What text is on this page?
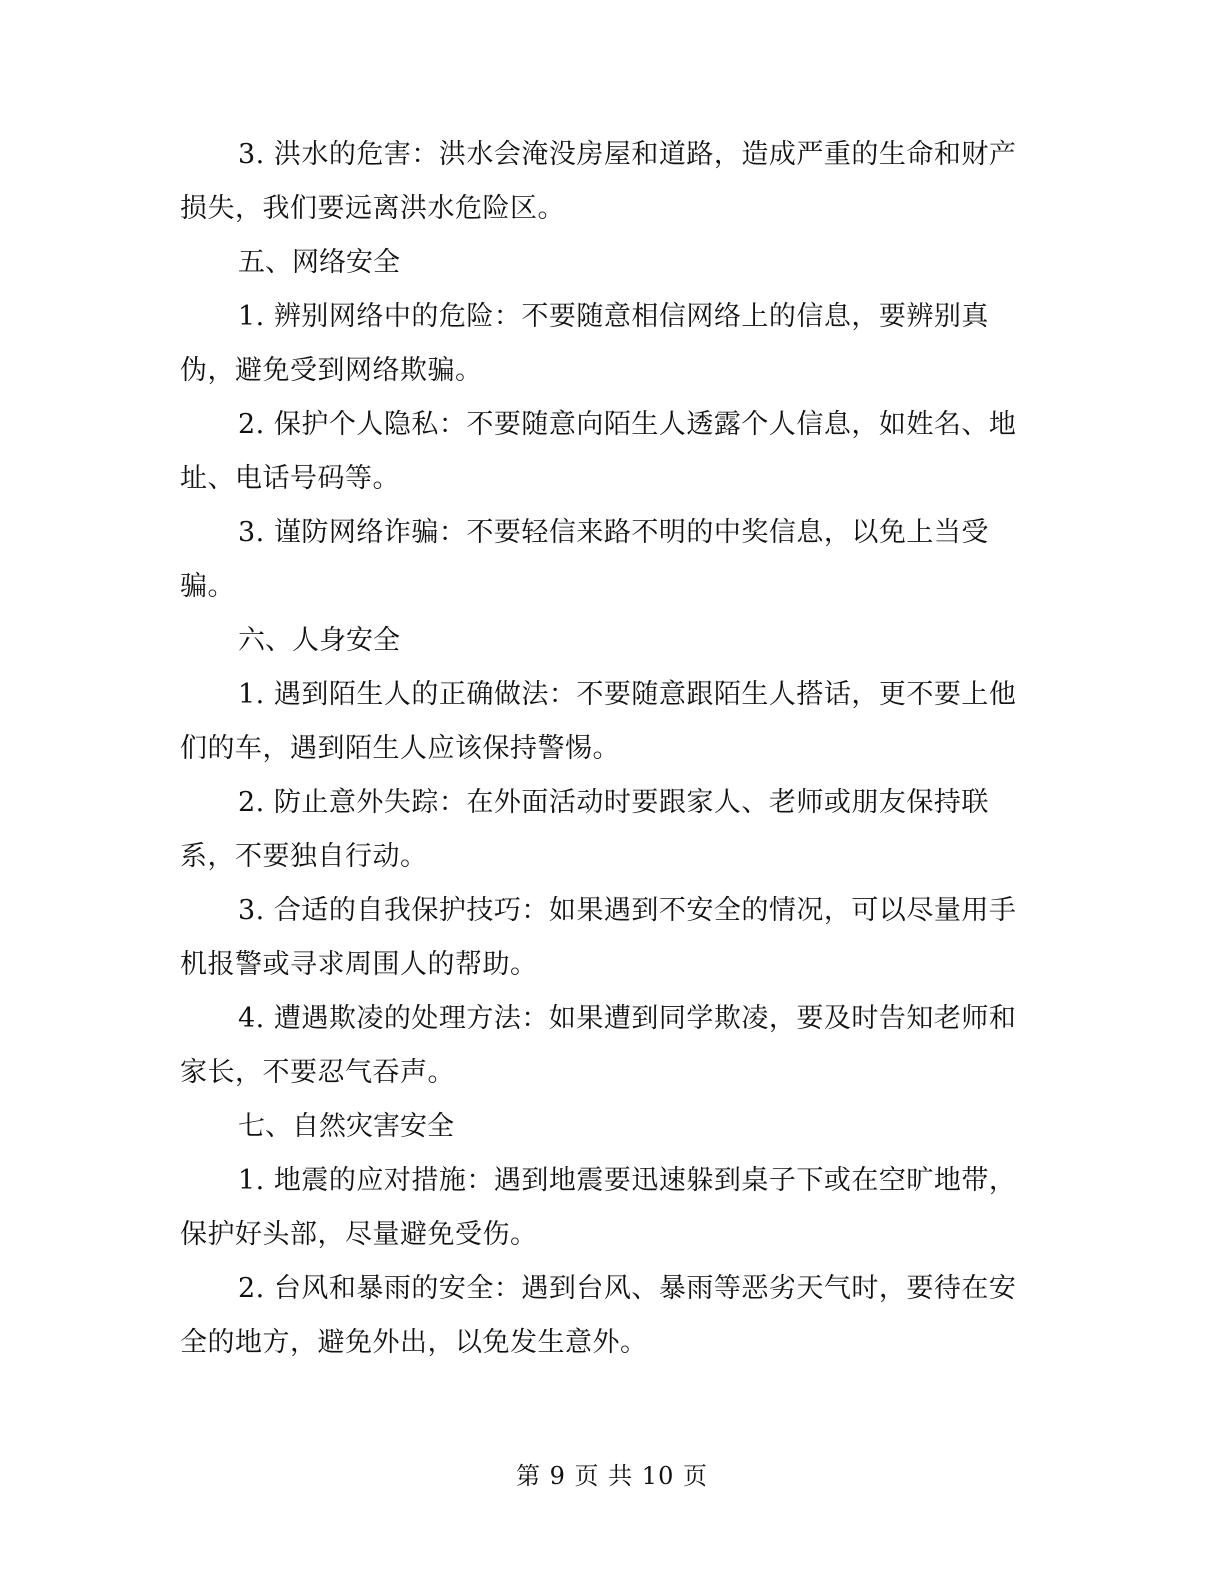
3. 洪水的危害：洪水会淹没房屋和道路，造成严重的生命和财产损失，我们要远离洪水危险区。

五、网络安全

1. 辨别网络中的危险：不要随意相信网络上的信息，要辨别真伪，避免受到网络欺骗。

2. 保护个人隐私：不要随意向陌生人透露个人信息，如姓名、地址、电话号码等。

3. 谨防网络诈骗：不要轻信来路不明的中奖信息，以免上当受骗。

六、人身安全

1. 遇到陌生人的正确做法：不要随意跟陌生人搭话，更不要上他们的车，遇到陌生人应该保持警惕。

2. 防止意外失踪：在外面活动时要跟家人、老师或朋友保持联系，不要独自行动。

3. 合适的自我保护技巧：如果遇到不安全的情况，可以尽量用手机报警或寻求周围人的帮助。

4. 遭遇欺凌的处理方法：如果遭到同学欺凌，要及时告知老师和家长，不要忍气吞声。

七、自然灾害安全

1. 地震的应对措施：遇到地震要迅速躲到桌子下或在空旷地带，保护好头部，尽量避免受伤。

2. 台风和暴雨的安全：遇到台风、暴雨等恶劣天气时，要待在安全的地方，避免外出，以免发生意外。

第 9 页 共 10 页
